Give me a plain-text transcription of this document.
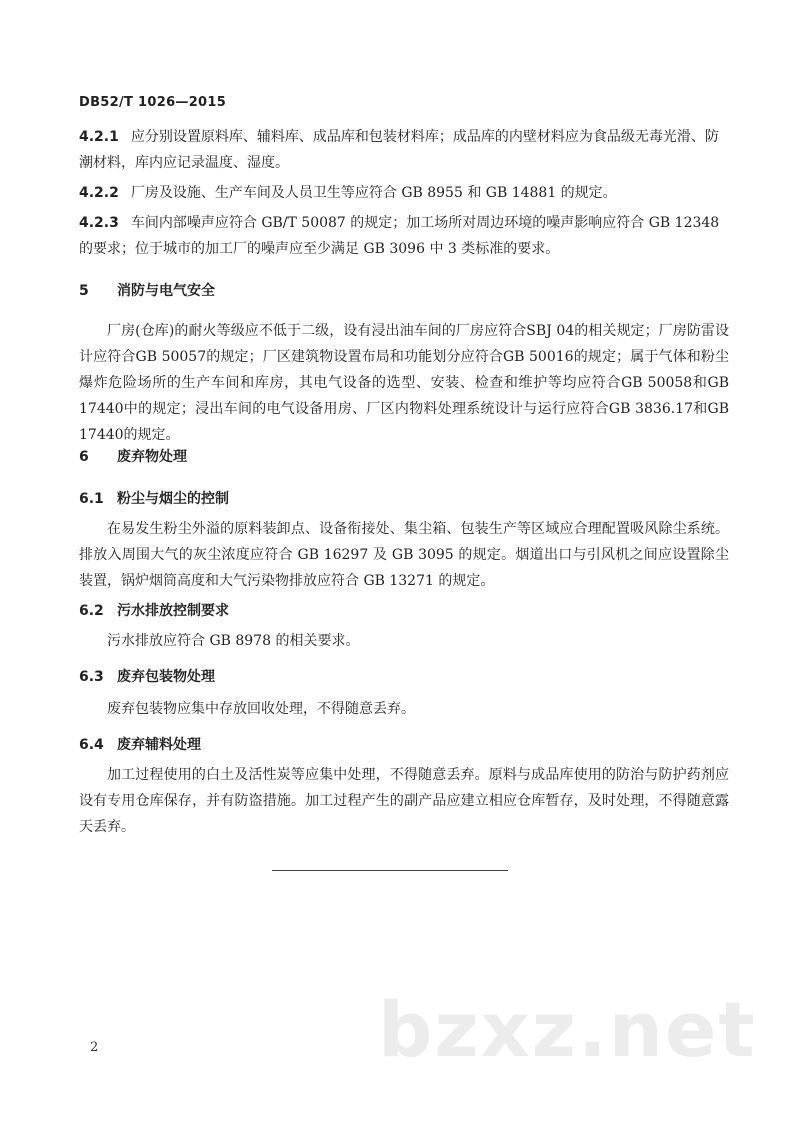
DB52/T 1026—2015
4.2.1 应分别设置原料库、辅料库、成品库和包装材料库；成品库的内壁材料应为食品级无毒光滑、防潮材料，库内应记录温度、湿度。
4.2.2 厂房及设施、生产车间及人员卫生等应符合 GB 8955 和 GB 14881 的规定。
4.2.3 车间内部噪声应符合 GB/T 50087 的规定；加工场所对周边环境的噪声影响应符合 GB 12348 的要求；位于城市的加工厂的噪声应至少满足 GB 3096 中 3 类标准的要求。
5 消防与电气安全
厂房(仓库)的耐火等级应不低于二级，设有浸出油车间的厂房应符合SBJ 04的相关规定；厂房防雷设计应符合GB 50057的规定；厂区建筑物设置布局和功能划分应符合GB 50016的规定；属于气体和粉尘爆炸危险场所的生产车间和库房，其电气设备的选型、安装、检查和维护等均应符合GB 50058和GB 17440中的规定；浸出车间的电气设备用房、厂区内物料处理系统设计与运行应符合GB 3836.17和GB 17440的规定。
6 废弃物处理
6.1 粉尘与烟尘的控制
在易发生粉尘外溢的原料装卸点、设备衔接处、集尘箱、包装生产等区域应合理配置吸风除尘系统。排放入周围大气的灰尘浓度应符合 GB 16297 及 GB 3095 的规定。烟道出口与引风机之间应设置除尘装置，锅炉烟筒高度和大气污染物排放应符合 GB 13271 的规定。
6.2 污水排放控制要求
污水排放应符合 GB 8978 的相关要求。
6.3 废弃包装物处理
废弃包装物应集中存放回收处理，不得随意丢弃。
6.4 废弃辅料处理
加工过程使用的白土及活性炭等应集中处理，不得随意丢弃。原料与成品库使用的防治与防护药剂应设有专用仓库保存，并有防盗措施。加工过程产生的副产品应建立相应仓库暂存，及时处理，不得随意露天丢弃。
bzxz.net
2
